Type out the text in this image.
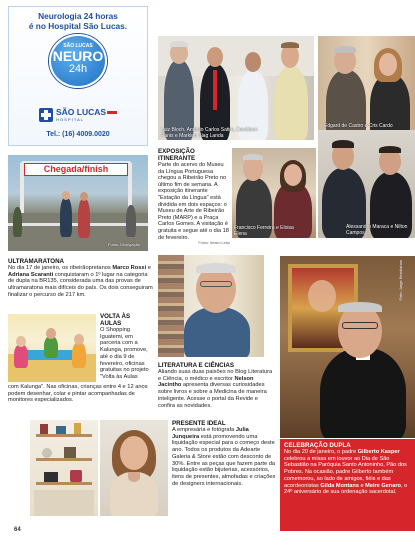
Neurologia 24 horas
é no Hospital São Lucas.
SÃO LUCAS
NEURO
24h
SÃO LUCAS
H O S P I T A L
Tel.: (16) 4009.0020
Chegada/finish
Fotos: Divulgação
ULTRAMARATONA
No dia 17 de janeiro, os ribeirãopretanos Marco Rossi e Adriana Scaranti conquistaram o 1º lugar na categoria de dupla na BR135, considerada uma das provas de ultramaratona mais difíceis do país. Os dois conseguiram finalizar o percurso de 217 km.
Luiz Bloch, Antonio Carlos Satiro, Davidson Panis e Marklen Siag Landa
Edgard de Castro e Cris Cardo
EXPOSIÇÃO ITINERANTE
Parte do acervo do Museu da Língua Portuguesa chegou a Ribeirão Preto no último fim de semana. A exposição itinerante "Estação da Língua" está dividida em dois espaços: o Museu de Arte de Ribeirão Preto (MARP) e a Praça Carlos Gomes. A visitação é gratuita e segue até o dia 18 de fevereiro.
Fotos: Ibraim Leão
Francisco Ferreira e Eloisa Elena
Alessandro Maraca e Nilton Campos
VOLTA ÀS AULAS
O Shopping Iguatemi, em parceria com a Kalunga, promove, até o dia 9 de fevereiro, oficinas gratuitas no projeto "Volta às Aulas
com Kalunga". Nas oficinas, crianças entre 4 e 12 anos podem desenhar, colar e pintar acompanhadas de monitores especializados.
LITERATURA E CIÊNCIAS
Aliando suas duas paixões no Blog Literatura e Ciência, o médico e escritor Nelson Jacintho apresenta diversas curiosidades sobre livros e sobre a Medicina de maneira inteligente. Acesse o portal da Revide e confira as novidades.
Foto: Jurge Bendiahan
CELEBRAÇÃO DUPLA
No dia 20 de janeiro, o padre Gilberto Kasper celebrou a missa em louvor ao Dia de São Sebastião na Paróquia Santo Antoninho, Pão dos Pobres. Na ocasião, padre Gilberto também comemorou, ao lado de amigos, fiéis e das acordeonistas Gilda Montans e Meire Genaro, o 24º aniversário de sua ordenação sacerdotal.
PRESENTE IDEAL
A empresária e fotógrafa Julia Junqueira está promovendo uma liquidação especial para o começo deste ano. Todos os produtos da Adearte Galeria & Store estão com desconto de 30%. Entre as peças que fazem parte da liquidação estão bijuterias, acessórios, itens de presentes, almofadas e criações de designers internacionais.
64
